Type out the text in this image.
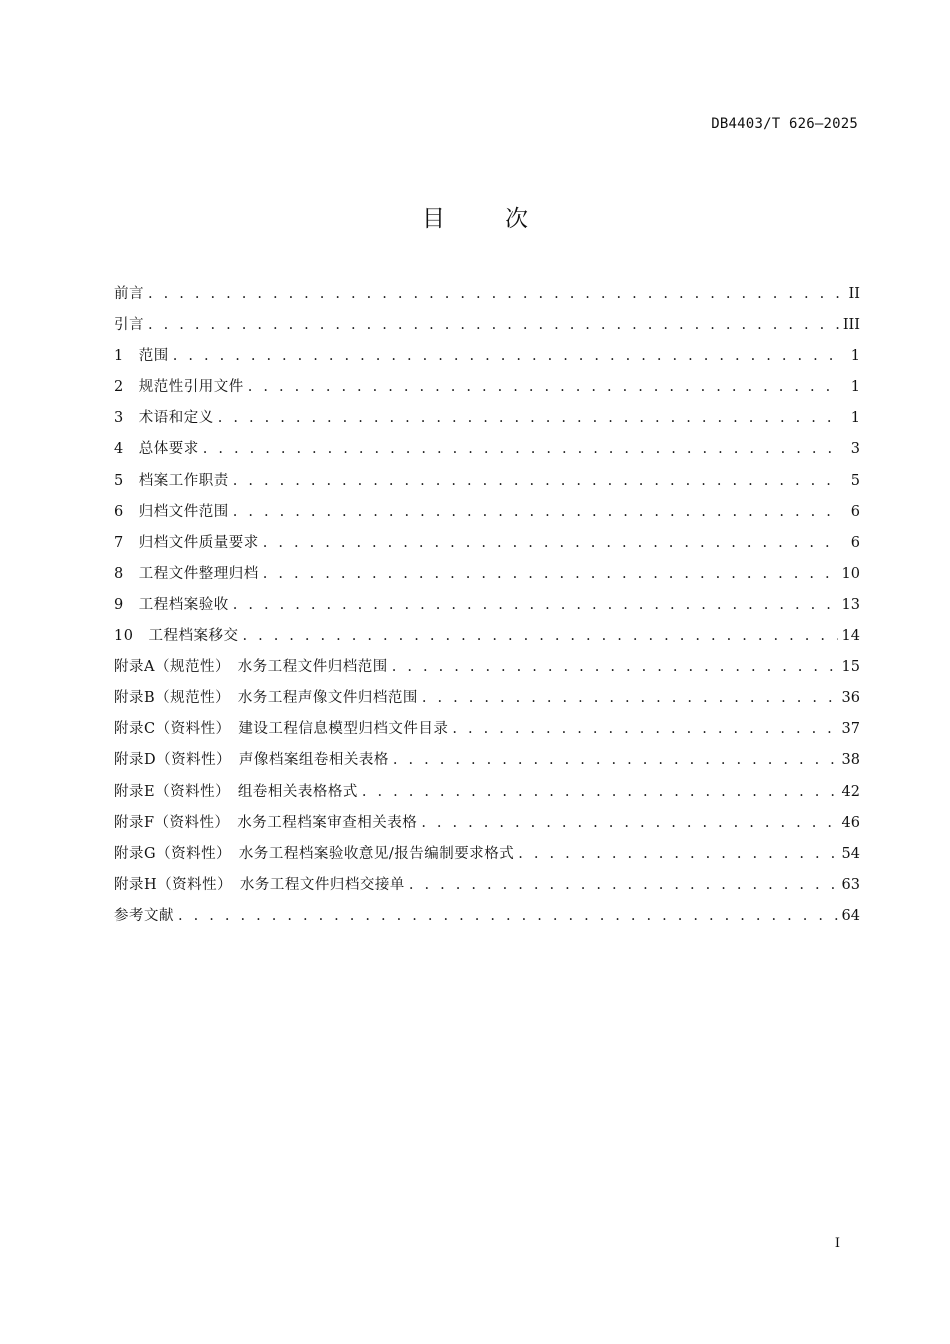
DB4403/T 626—2025
目	次
前言 . . .	II
引言 . . .	III
1　范围 . . .	1
2　规范性引用文件 . . .	1
3　术语和定义 . . .	1
4　总体要求 . . .	3
5　档案工作职责 . . .	5
6　归档文件范围 . . .	6
7　归档文件质量要求 . . .	6
8　工程文件整理归档 . . .	10
9　工程档案验收 . . .	13
10　工程档案移交 . . .	14
附录A（规范性）　水务工程文件归档范围 . . .	15
附录B（规范性）　水务工程声像文件归档范围 . . .	36
附录C（资料性）　建设工程信息模型归档文件目录 . . .	37
附录D（资料性）　声像档案组卷相关表格 . . .	38
附录E（资料性）　组卷相关表格格式 . . .	42
附录F（资料性）　水务工程档案审查相关表格 . . .	46
附录G（资料性）　水务工程档案验收意见/报告编制要求格式 . . .	54
附录H（资料性）　水务工程文件归档交接单 . . .	63
参考文献 . . .	64
I
